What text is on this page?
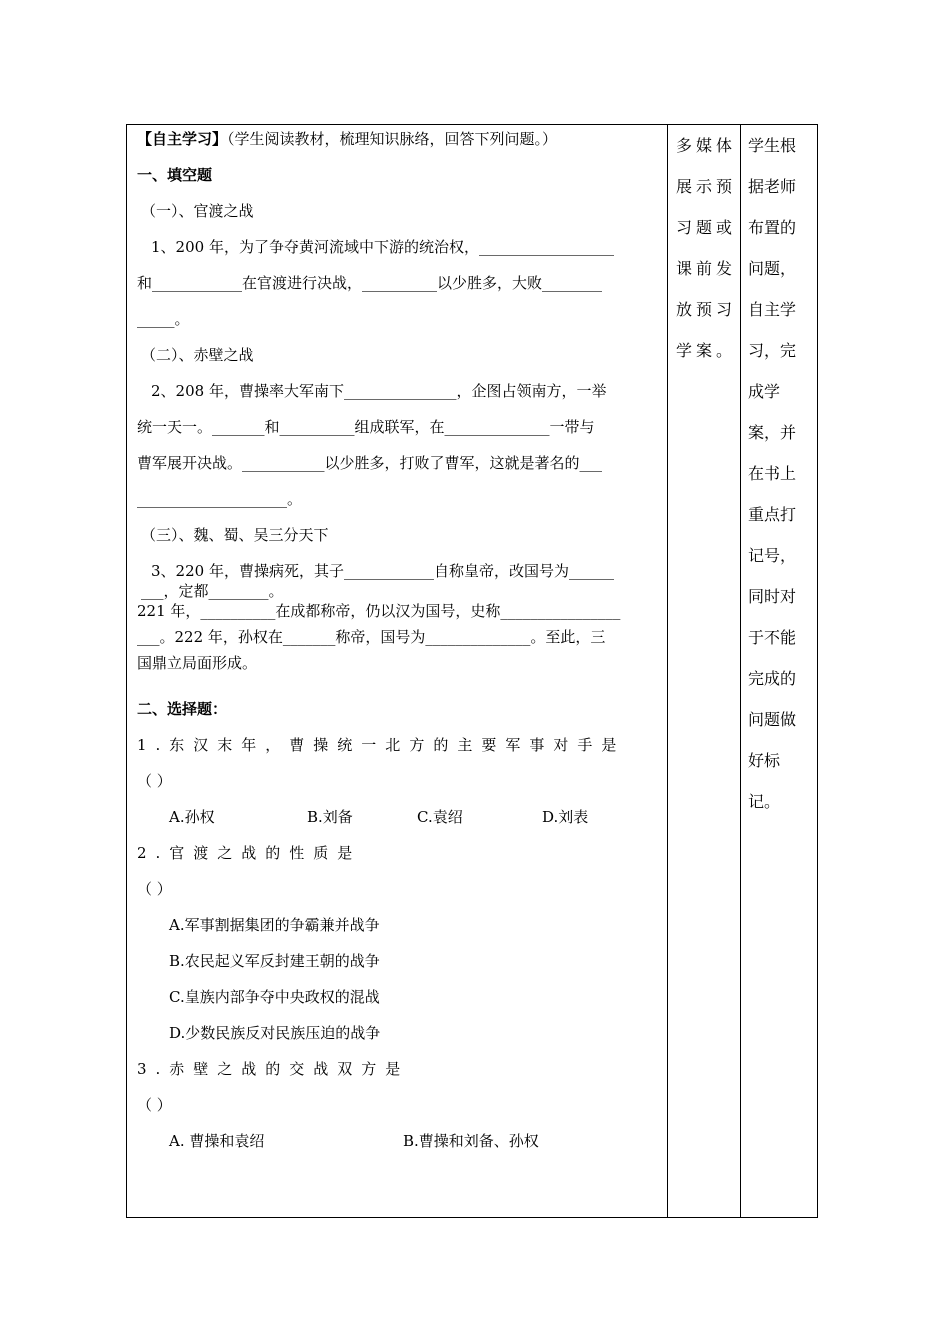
【自主学习】（学生阅读教材，梳理知识脉络，回答下列问题。）
一、填空题
（一）、官渡之战
1、200 年，为了争夺黄河流域中下游的统治权，__________________
和____________在官渡进行决战，__________以少胜多，大败________
_____。
（二）、赤壁之战
2、208 年，曹操率大军南下_______________，企图占领南方，一举
统一天一。_______和__________组成联军，在______________一带与
曹军展开决战。___________以少胜多，打败了曹军，这就是著名的___
____________________。
（三）、魏、蜀、吴三分天下
3、220 年，曹操病死，其子____________自称皇帝，改国号为______
___，定都________。
221 年，__________在成都称帝，仍以汉为国号，史称________________
___。222 年，孙权在_______称帝，国号为______________。至此，三
国鼎立局面形成。
二、选择题：
1.东汉末年，曹操统一北方的主要军事对手是
（ ）
A.孙权	B.刘备	C.袁绍	D.刘表
2.官渡之战的性质是
（ ）
A.军事割据集团的争霸兼并战争
B.农民起义军反封建王朝的战争
C.皇族内部争夺中央政权的混战
D.少数民族反对民族压迫的战争
3.赤壁之战的交战双方是
（ ）
A. 曹操和袁绍	B.曹操和刘备、孙权

多媒体
展示预
习题或
课前发
放预习
学案。

学生根
据老师
布置的
问题，
自主学
习，完
成学
案，并
在书上
重点打
记号，
同时对
于不能
完成的
问题做
好标
记。
